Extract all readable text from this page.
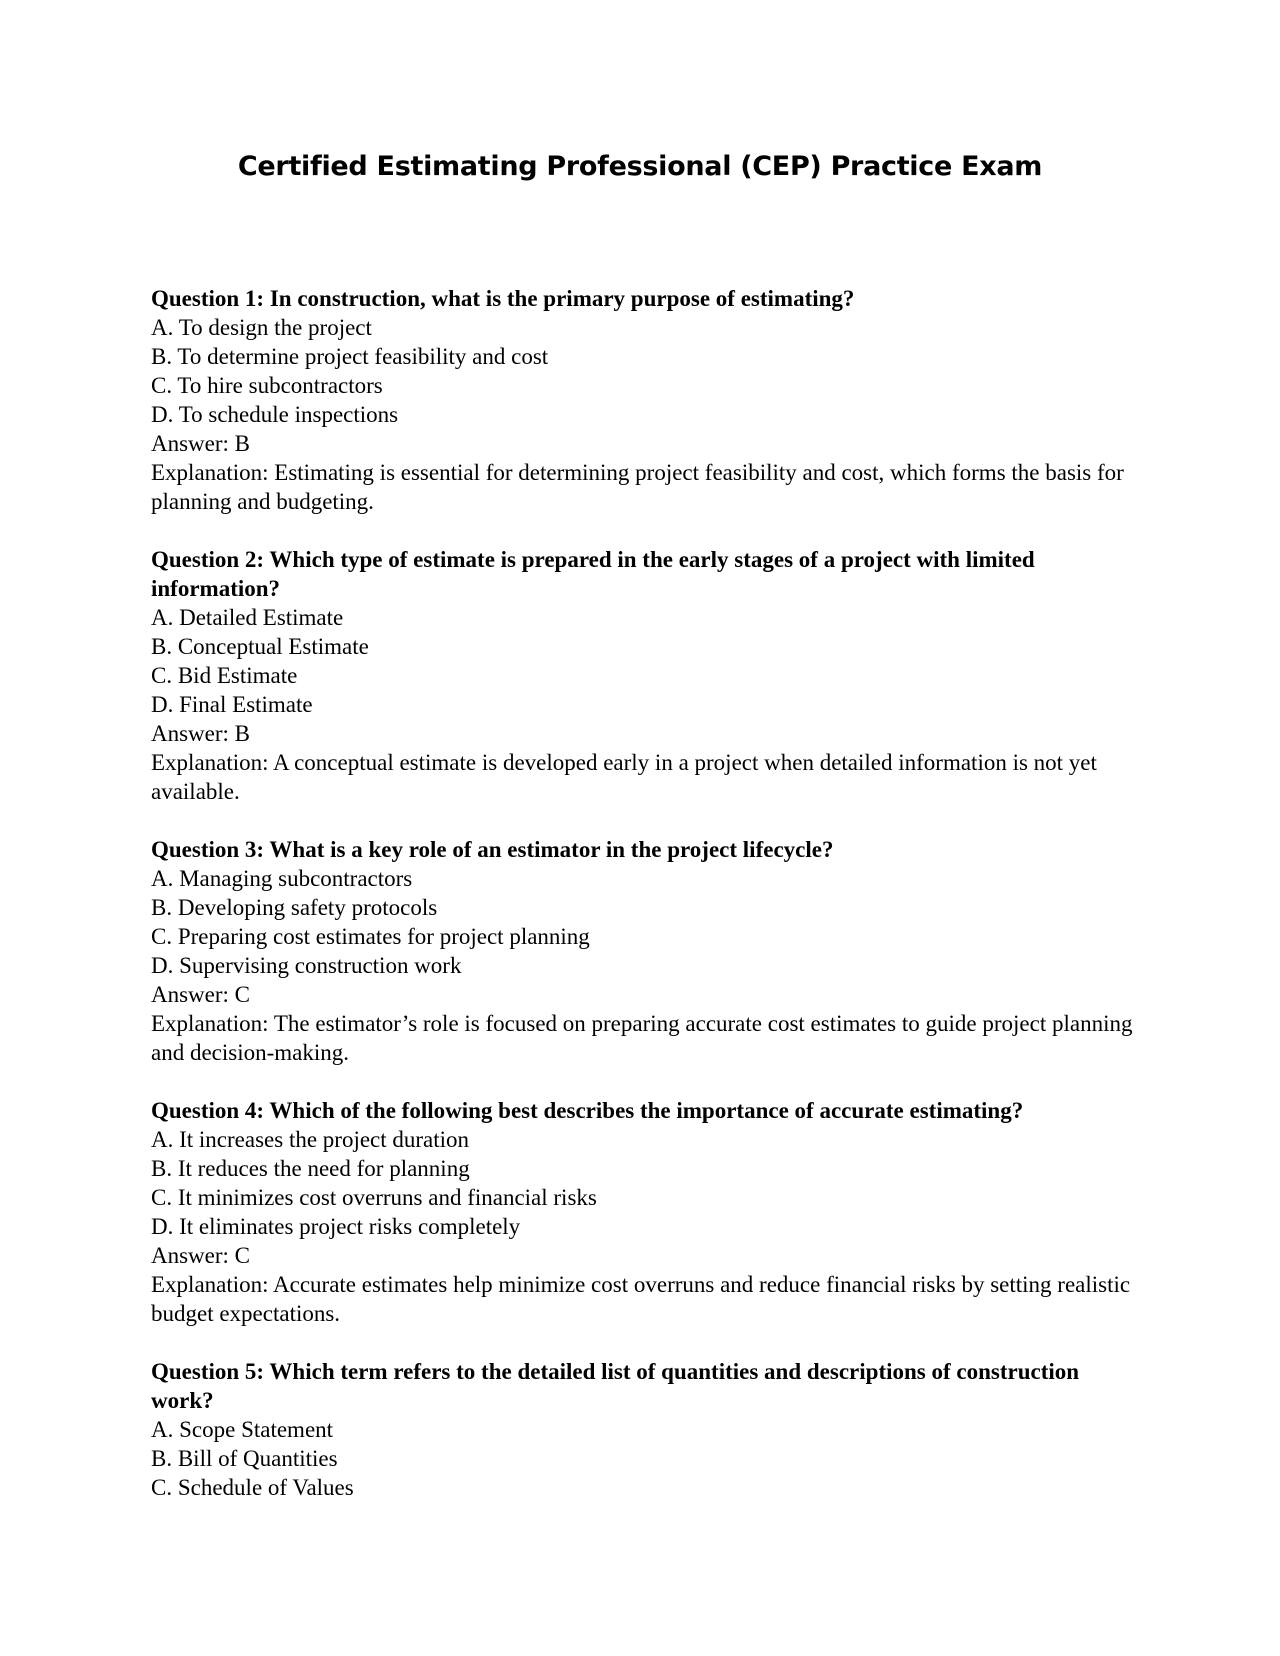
Certified Estimating Professional (CEP) Practice Exam

Question 1: In construction, what is the primary purpose of estimating?

A. To design the project

B. To determine project feasibility and cost

C. To hire subcontractors

D. To schedule inspections

Answer: B

Explanation: Estimating is essential for determining project feasibility and cost, which forms the basis for planning and budgeting.

Question 2: Which type of estimate is prepared in the early stages of a project with limited information?

A. Detailed Estimate

B. Conceptual Estimate

C. Bid Estimate

D. Final Estimate

Answer: B

Explanation: A conceptual estimate is developed early in a project when detailed information is not yet available.

Question 3: What is a key role of an estimator in the project lifecycle?

A. Managing subcontractors

B. Developing safety protocols

C. Preparing cost estimates for project planning

D. Supervising construction work

Answer: C

Explanation: The estimator’s role is focused on preparing accurate cost estimates to guide project planning and decision-making.

Question 4: Which of the following best describes the importance of accurate estimating?

A. It increases the project duration

B. It reduces the need for planning

C. It minimizes cost overruns and financial risks

D. It eliminates project risks completely

Answer: C

Explanation: Accurate estimates help minimize cost overruns and reduce financial risks by setting realistic budget expectations.

Question 5: Which term refers to the detailed list of quantities and descriptions of construction work?

A. Scope Statement

B. Bill of Quantities

C. Schedule of Values
